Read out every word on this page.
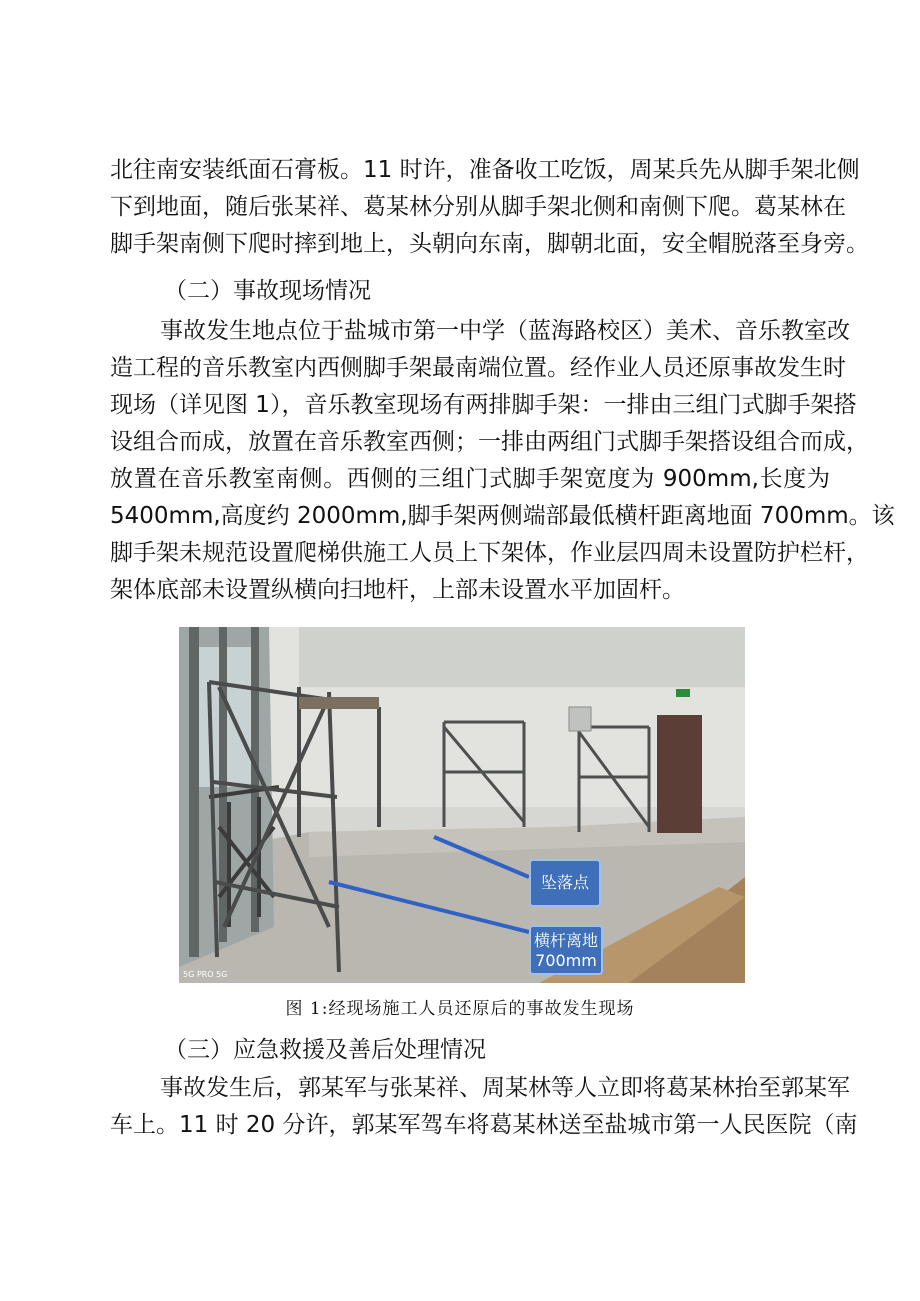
北往南安装纸面石膏板。11 时许，准备收工吃饭，周某兵先从脚手架北侧
下到地面，随后张某祥、葛某林分别从脚手架北侧和南侧下爬。葛某林在
脚手架南侧下爬时摔到地上，头朝向东南，脚朝北面，安全帽脱落至身旁。
（二）事故现场情况
事故发生地点位于盐城市第一中学（蓝海路校区）美术、音乐教室改
造工程的音乐教室内西侧脚手架最南端位置。经作业人员还原事故发生时
现场（详见图 1），音乐教室现场有两排脚手架：一排由三组门式脚手架搭
设组合而成，放置在音乐教室西侧；一排由两组门式脚手架搭设组合而成，
放置在音乐教室南侧。西侧的三组门式脚手架宽度为 900mm,长度为
5400mm,高度约 2000mm,脚手架两侧端部最低横杆距离地面 700mm。该
脚手架未规范设置爬梯供施工人员上下架体，作业层四周未设置防护栏杆，
架体底部未设置纵横向扫地杆，上部未设置水平加固杆。
坠落点
横杆离地
700mm
5G PRO 5G
图 1:经现场施工人员还原后的事故发生现场
（三）应急救援及善后处理情况
事故发生后，郭某军与张某祥、周某林等人立即将葛某林抬至郭某军
车上。11 时 20 分许，郭某军驾车将葛某林送至盐城市第一人民医院（南
